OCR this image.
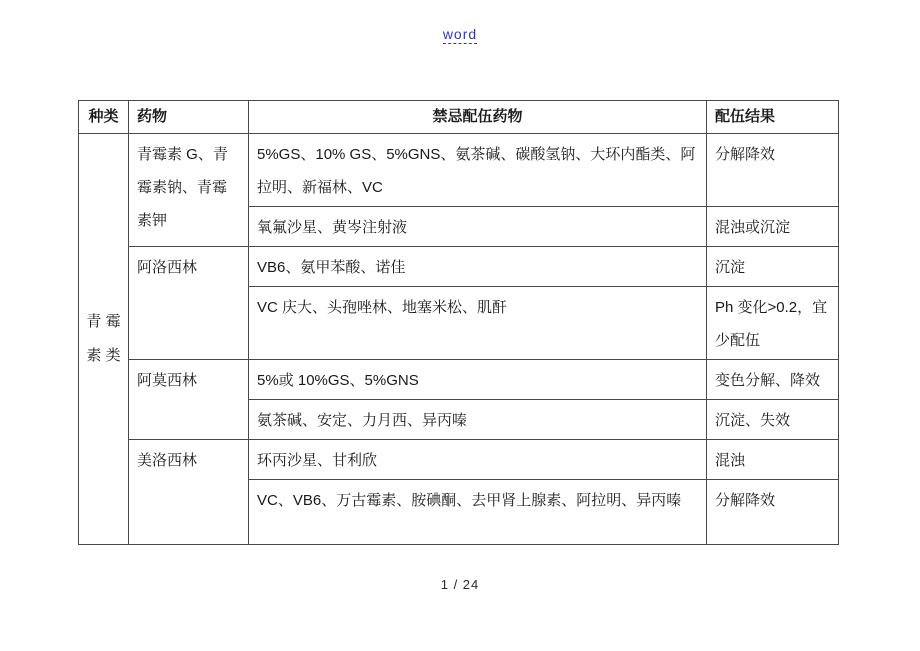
word
种类	药物	禁忌配伍药物	配伍结果

青 霉
素 类	青霉素 G、青霉素钠、青霉素钾	5%GS、10% GS、5%GNS、氨茶碱、碳酸氢钠、大环内酯类、阿拉明、新福林、VC	分解降效
		氧氟沙星、黄岑注射液	混浊或沉淀
	阿洛西林	VB6、氨甲苯酸、诺佳	沉淀
		VC 庆大、头孢唑林、地塞米松、肌酐	Ph 变化>0.2，宜少配伍
	阿莫西林	5%或 10%GS、5%GNS	变色分解、降效
		氨茶碱、安定、力月西、异丙嗪	沉淀、失效
	美洛西林	环丙沙星、甘利欣	混浊
		VC、VB6、万古霉素、胺碘酮、去甲肾上腺素、阿拉明、异丙嗪	分解降效
1 / 24
